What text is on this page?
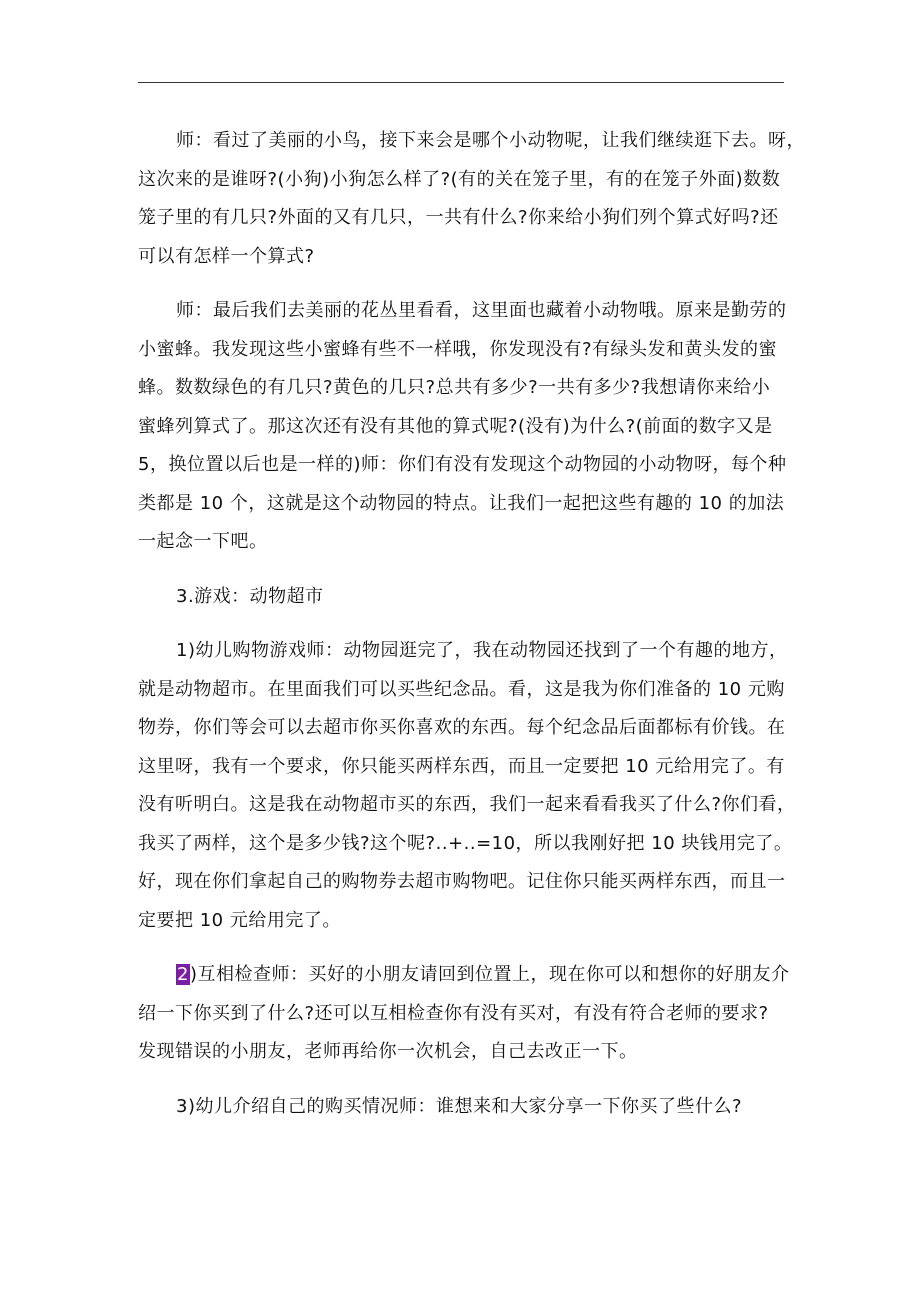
师：看过了美丽的小鸟，接下来会是哪个小动物呢，让我们继续逛下去。呀，
这次来的是谁呀?(小狗)小狗怎么样了?(有的关在笼子里，有的在笼子外面)数数
笼子里的有几只?外面的又有几只，一共有什么?你来给小狗们列个算式好吗?还
可以有怎样一个算式?

师：最后我们去美丽的花丛里看看，这里面也藏着小动物哦。原来是勤劳的
小蜜蜂。我发现这些小蜜蜂有些不一样哦，你发现没有?有绿头发和黄头发的蜜
蜂。数数绿色的有几只?黄色的几只?总共有多少?一共有多少?我想请你来给小
蜜蜂列算式了。那这次还有没有其他的算式呢?(没有)为什么?(前面的数字又是
5，换位置以后也是一样的)师：你们有没有发现这个动物园的小动物呀，每个种
类都是 10 个，这就是这个动物园的特点。让我们一起把这些有趣的 10 的加法
一起念一下吧。

3.游戏：动物超市

1)幼儿购物游戏师：动物园逛完了，我在动物园还找到了一个有趣的地方，
就是动物超市。在里面我们可以买些纪念品。看，这是我为你们准备的 10 元购
物券，你们等会可以去超市你买你喜欢的东西。每个纪念品后面都标有价钱。在
这里呀，我有一个要求，你只能买两样东西，而且一定要把 10 元给用完了。有
没有听明白。这是我在动物超市买的东西，我们一起来看看我买了什么?你们看，
我买了两样，这个是多少钱?这个呢?..+..=10，所以我刚好把 10 块钱用完了。
好，现在你们拿起自己的购物券去超市购物吧。记住你只能买两样东西，而且一
定要把 10 元给用完了。

2)互相检查师：买好的小朋友请回到位置上，现在你可以和想你的好朋友介
绍一下你买到了什么?还可以互相检查你有没有买对，有没有符合老师的要求?
发现错误的小朋友，老师再给你一次机会，自己去改正一下。

3)幼儿介绍自己的购买情况师：谁想来和大家分享一下你买了些什么?
